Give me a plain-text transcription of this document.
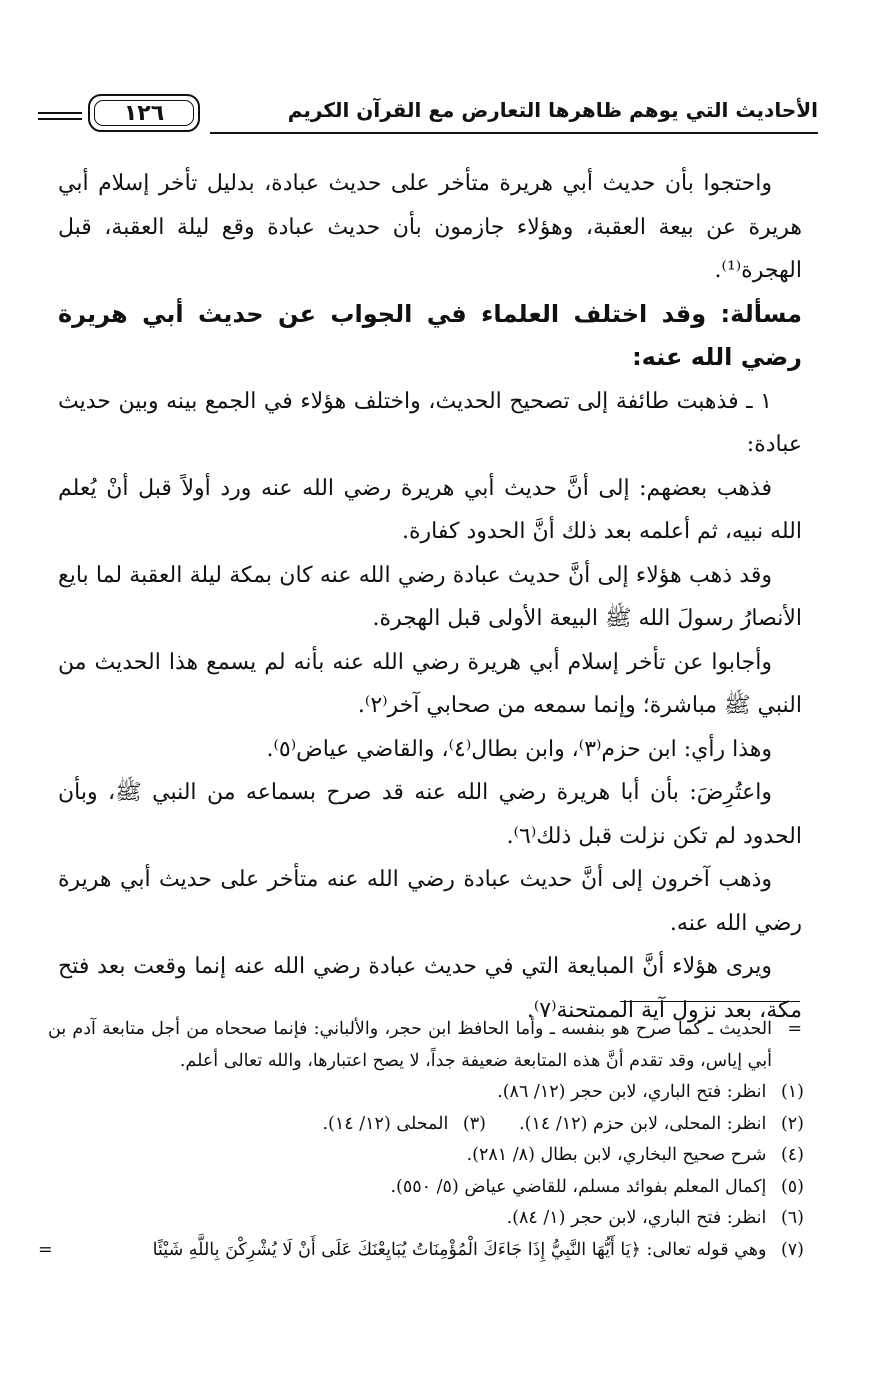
الأحاديث التي يوهم ظاهرها التعارض مع القرآن الكريم
١٢٦

واحتجوا بأن حديث أبي هريرة متأخر على حديث عبادة، بدليل تأخر إسلام أبي هريرة عن بيعة العقبة، وهؤلاء جازمون بأن حديث عبادة وقع ليلة العقبة، قبل الهجرة⁽¹⁾.

مسألة: وقد اختلف العلماء في الجواب عن حديث أبي هريرة رضي الله عنه:

١ ـ فذهبت طائفة إلى تصحيح الحديث، واختلف هؤلاء في الجمع بينه وبين حديث عبادة:

فذهب بعضهم: إلى أنَّ حديث أبي هريرة رضي الله عنه ورد أولاً قبل أنْ يُعلم الله نبيه، ثم أعلمه بعد ذلك أنَّ الحدود كفارة.

وقد ذهب هؤلاء إلى أنَّ حديث عبادة رضي الله عنه كان بمكة ليلة العقبة لما بايع الأنصارُ رسولَ الله ﷺ البيعة الأولى قبل الهجرة.

وأجابوا عن تأخر إسلام أبي هريرة رضي الله عنه بأنه لم يسمع هذا الحديث من النبي ﷺ مباشرة؛ وإنما سمعه من صحابي آخر⁽٢⁾.

وهذا رأي: ابن حزم⁽٣⁾، وابن بطال⁽٤⁾، والقاضي عياض⁽٥⁾.

واعتُرِضَ: بأن أبا هريرة رضي الله عنه قد صرح بسماعه من النبي ﷺ، وبأن الحدود لم تكن نزلت قبل ذلك⁽٦⁾.

وذهب آخرون إلى أنَّ حديث عبادة رضي الله عنه متأخر على حديث أبي هريرة رضي الله عنه.

ويرى هؤلاء أنَّ المبايعة التي في حديث عبادة رضي الله عنه إنما وقعت بعد فتح مكة، بعد نزول آية الممتحنة⁽٧⁾.

=
الحديث ـ كما صرح هو بنفسه ـ وأما الحافظ ابن حجر، والألباني: فإنما صححاه من أجل متابعة آدم بن أبي إياس، وقد تقدم أنَّ هذه المتابعة ضعيفة جداً، لا يصح اعتبارها، والله تعالى أعلم.

(١) انظر: فتح الباري، لابن حجر (١٢/ ٨٦).

(٢) انظر: المحلى، لابن حزم (١٢/ ١٤).  (٣) المحلى (١٢/ ١٤).

(٤) شرح صحيح البخاري، لابن بطال (٨/ ٢٨١).

(٥) إكمال المعلم بفوائد مسلم، للقاضي عياض (٥/ ٥٥٠).

(٦) انظر: فتح الباري، لابن حجر (١/ ٨٤).

(٧) وهي قوله تعالى: ﴿يَا أَيُّهَا النَّبِيُّ إِذَا جَاءَكَ الْمُؤْمِنَاتُ يُبَايِعْنَكَ عَلَى أَنْ لَا يُشْرِكْنَ بِاللَّهِ شَيْئًا
=
